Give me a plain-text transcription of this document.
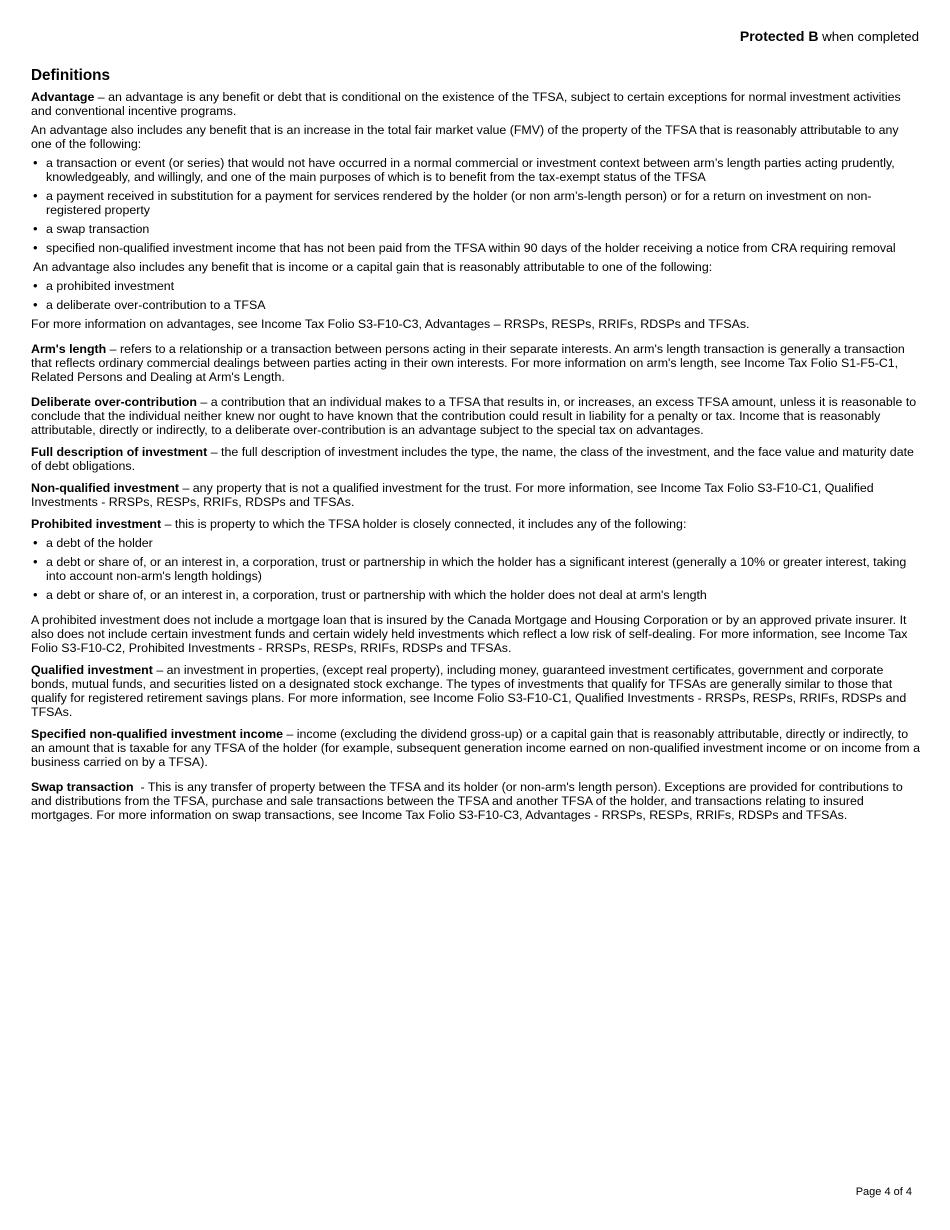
Protected B when completed
Definitions

Advantage – an advantage is any benefit or debt that is conditional on the existence of the TFSA, subject to certain exceptions for normal investment activities and conventional incentive programs.

An advantage also includes any benefit that is an increase in the total fair market value (FMV) of the property of the TFSA that is reasonably attributable to any one of the following:

• a transaction or event (or series) that would not have occurred in a normal commercial or investment context between arm’s length parties acting prudently, knowledgeably, and willingly, and one of the main purposes of which is to benefit from the tax-exempt status of the TFSA
• a payment received in substitution for a payment for services rendered by the holder (or non arm’s-length person) or for a return on investment on non-registered property
• a swap transaction
• specified non-qualified investment income that has not been paid from the TFSA within 90 days of the holder receiving a notice from CRA requiring removal

An advantage also includes any benefit that is income or a capital gain that is reasonably attributable to one of the following:

• a prohibited investment
• a deliberate over-contribution to a TFSA

For more information on advantages, see Income Tax Folio S3-F10-C3, Advantages – RRSPs, RESPs, RRIFs, RDSPs and TFSAs.

Arm's length – refers to a relationship or a transaction between persons acting in their separate interests. An arm's length transaction is generally a transaction that reflects ordinary commercial dealings between parties acting in their own interests. For more information on arm's length, see Income Tax Folio S1-F5-C1, Related Persons and Dealing at Arm's Length.

Deliberate over-contribution – a contribution that an individual makes to a TFSA that results in, or increases, an excess TFSA amount, unless it is reasonable to conclude that the individual neither knew nor ought to have known that the contribution could result in liability for a penalty or tax. Income that is reasonably attributable, directly or indirectly, to a deliberate over-contribution is an advantage subject to the special tax on advantages.

Full description of investment – the full description of investment includes the type, the name, the class of the investment, and the face value and maturity date of debt obligations.

Non-qualified investment – any property that is not a qualified investment for the trust. For more information, see Income Tax Folio S3-F10-C1, Qualified Investments - RRSPs, RESPs, RRIFs, RDSPs and TFSAs.

Prohibited investment – this is property to which the TFSA holder is closely connected, it includes any of the following:

• a debt of the holder
• a debt or share of, or an interest in, a corporation, trust or partnership in which the holder has a significant interest (generally a 10% or greater interest, taking into account non-arm's length holdings)
• a debt or share of, or an interest in, a corporation, trust or partnership with which the holder does not deal at arm's length

A prohibited investment does not include a mortgage loan that is insured by the Canada Mortgage and Housing Corporation or by an approved private insurer. It also does not include certain investment funds and certain widely held investments which reflect a low risk of self-dealing. For more information, see Income Tax Folio S3-F10-C2, Prohibited Investments - RRSPs, RESPs, RRIFs, RDSPs and TFSAs.

Qualified investment – an investment in properties, (except real property), including money, guaranteed investment certificates, government and corporate bonds, mutual funds, and securities listed on a designated stock exchange. The types of investments that qualify for TFSAs are generally similar to those that qualify for registered retirement savings plans. For more information, see Income Folio S3-F10-C1, Qualified Investments - RRSPs, RESPs, RRIFs, RDSPs and TFSAs.

Specified non-qualified investment income – income (excluding the dividend gross-up) or a capital gain that is reasonably attributable, directly or indirectly, to an amount that is taxable for any TFSA of the holder (for example, subsequent generation income earned on non-qualified investment income or on income from a business carried on by a TFSA).

Swap transaction  - This is any transfer of property between the TFSA and its holder (or non-arm's length person). Exceptions are provided for contributions to and distributions from the TFSA, purchase and sale transactions between the TFSA and another TFSA of the holder, and transactions relating to insured mortgages. For more information on swap transactions, see Income Tax Folio S3-F10-C3, Advantages - RRSPs, RESPs, RRIFs, RDSPs and TFSAs.

Page 4 of 4
